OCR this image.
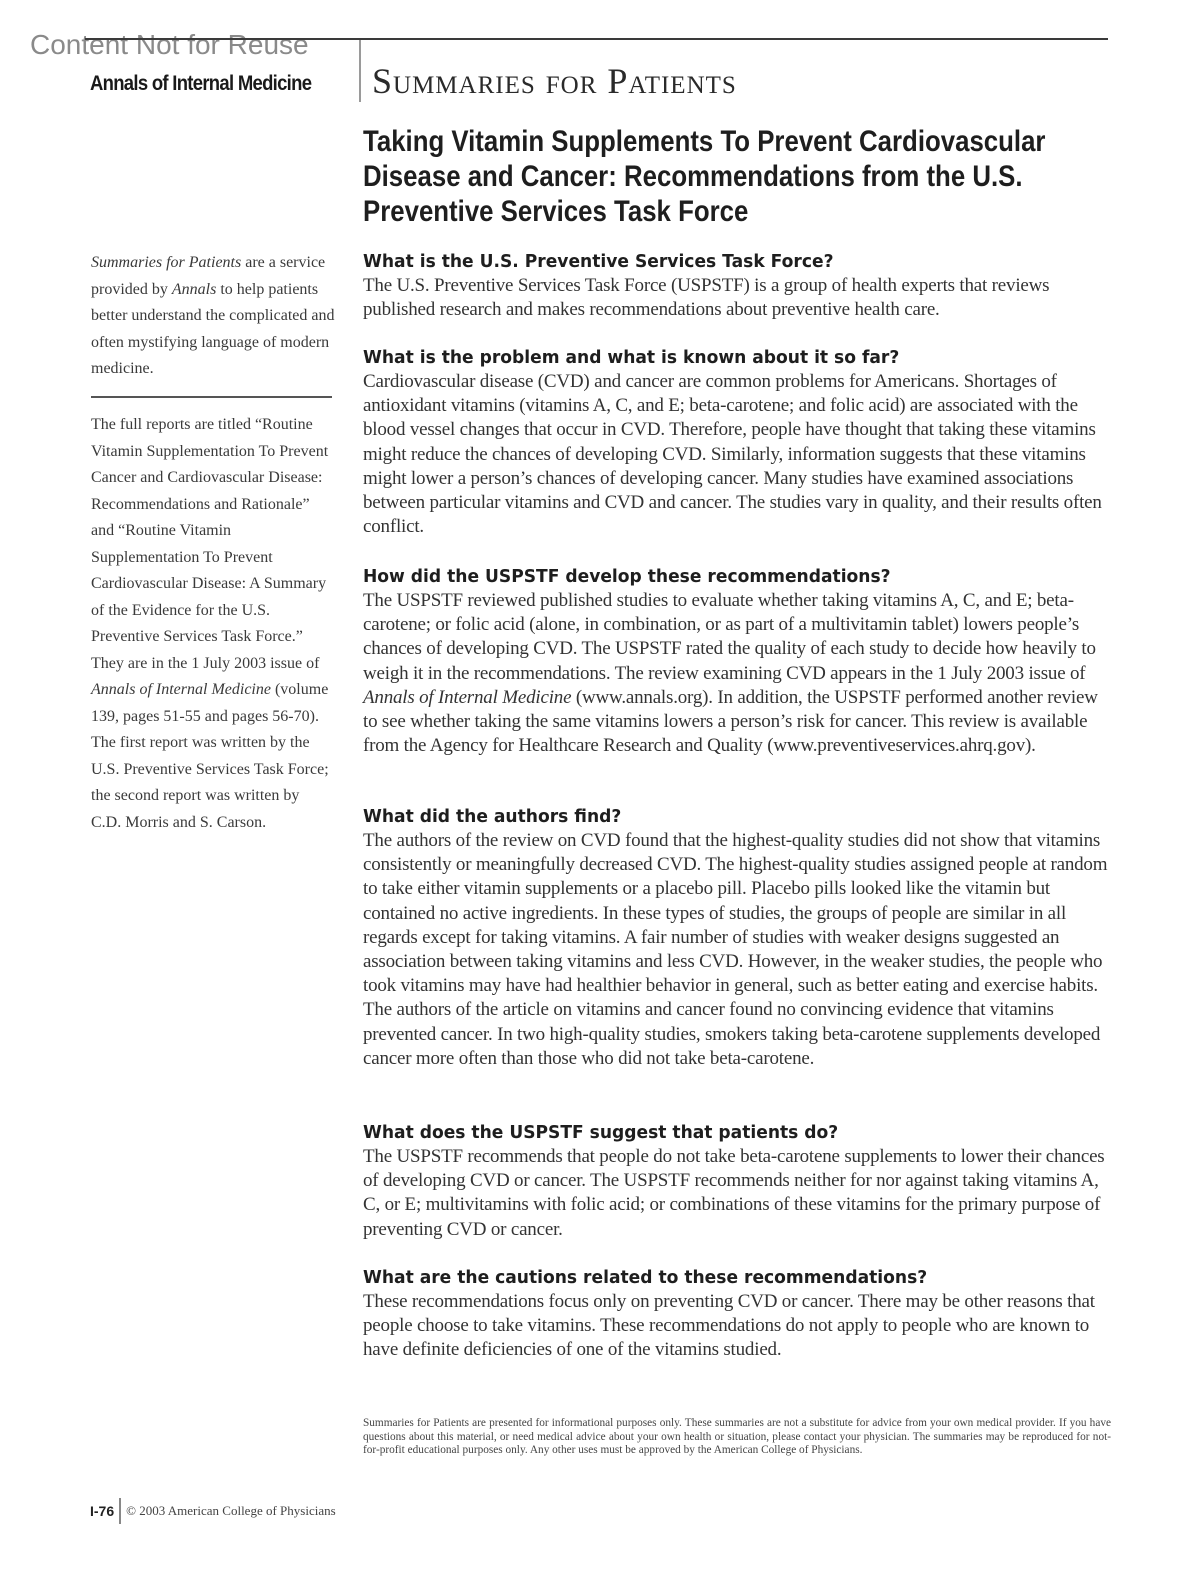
Content Not for Reuse
Annals of Internal Medicine Summaries for Patients
Taking Vitamin Supplements To Prevent Cardiovascular Disease and Cancer: Recommendations from the U.S. Preventive Services Task Force
Summaries for Patients are a service provided by Annals to help patients better understand the complicated and often mystifying language of modern medicine.
The full reports are titled “Routine Vitamin Supplementation To Prevent Cancer and Cardiovascular Disease: Recommendations and Rationale” and “Routine Vitamin Supplementation To Prevent Cardiovascular Disease: A Summary of the Evidence for the U.S. Preventive Services Task Force.” They are in the 1 July 2003 issue of Annals of Internal Medicine (volume 139, pages 51-55 and pages 56-70). The first report was written by the U.S. Preventive Services Task Force; the second report was written by C.D. Morris and S. Carson.
What is the U.S. Preventive Services Task Force?

The U.S. Preventive Services Task Force (USPSTF) is a group of health experts that reviews published research and makes recommendations about preventive health care.

What is the problem and what is known about it so far?

Cardiovascular disease (CVD) and cancer are common problems for Americans. Shortages of antioxidant vitamins (vitamins A, C, and E; beta-carotene; and folic acid) are associated with the blood vessel changes that occur in CVD. Therefore, people have thought that taking these vitamins might reduce the chances of developing CVD. Similarly, information suggests that these vitamins might lower a person’s chances of developing cancer. Many studies have examined associations between particular vitamins and CVD and cancer. The studies vary in quality, and their results often conflict.

How did the USPSTF develop these recommendations?

The USPSTF reviewed published studies to evaluate whether taking vitamins A, C, and E; beta-carotene; or folic acid (alone, in combination, or as part of a multivitamin tablet) lowers people’s chances of developing CVD. The USPSTF rated the quality of each study to decide how heavily to weigh it in the recommendations. The review examining CVD appears in the 1 July 2003 issue of Annals of Internal Medicine (www.annals.org). In addition, the USPSTF performed another review to see whether taking the same vitamins lowers a person’s risk for cancer. This review is available from the Agency for Healthcare Research and Quality (www.preventiveservices.ahrq.gov).

What did the authors find?

The authors of the review on CVD found that the highest-quality studies did not show that vitamins consistently or meaningfully decreased CVD. The highest-quality studies assigned people at random to take either vitamin supplements or a placebo pill. Placebo pills looked like the vitamin but contained no active ingredients. In these types of studies, the groups of people are similar in all regards except for taking vitamins. A fair number of studies with weaker designs suggested an association between taking vitamins and less CVD. However, in the weaker studies, the people who took vitamins may have had healthier behavior in general, such as better eating and exercise habits. The authors of the article on vitamins and cancer found no convincing evidence that vitamins prevented cancer. In two high-quality studies, smokers taking beta-carotene supplements developed cancer more often than those who did not take beta-carotene.

What does the USPSTF suggest that patients do?

The USPSTF recommends that people do not take beta-carotene supplements to lower their chances of developing CVD or cancer. The USPSTF recommends neither for nor against taking vitamins A, C, or E; multivitamins with folic acid; or combinations of these vitamins for the primary purpose of preventing CVD or cancer.

What are the cautions related to these recommendations?

These recommendations focus only on preventing CVD or cancer. There may be other reasons that people choose to take vitamins. These recommendations do not apply to people who are known to have definite deficiencies of one of the vitamins studied.

Summaries for Patients are presented for informational purposes only. These summaries are not a substitute for advice from your own medical provider. If you have questions about this material, or need medical advice about your own health or situation, please contact your physician. The summaries may be reproduced for not-for-profit educational purposes only. Any other uses must be approved by the American College of Physicians.
I-76 © 2003 American College of Physicians
